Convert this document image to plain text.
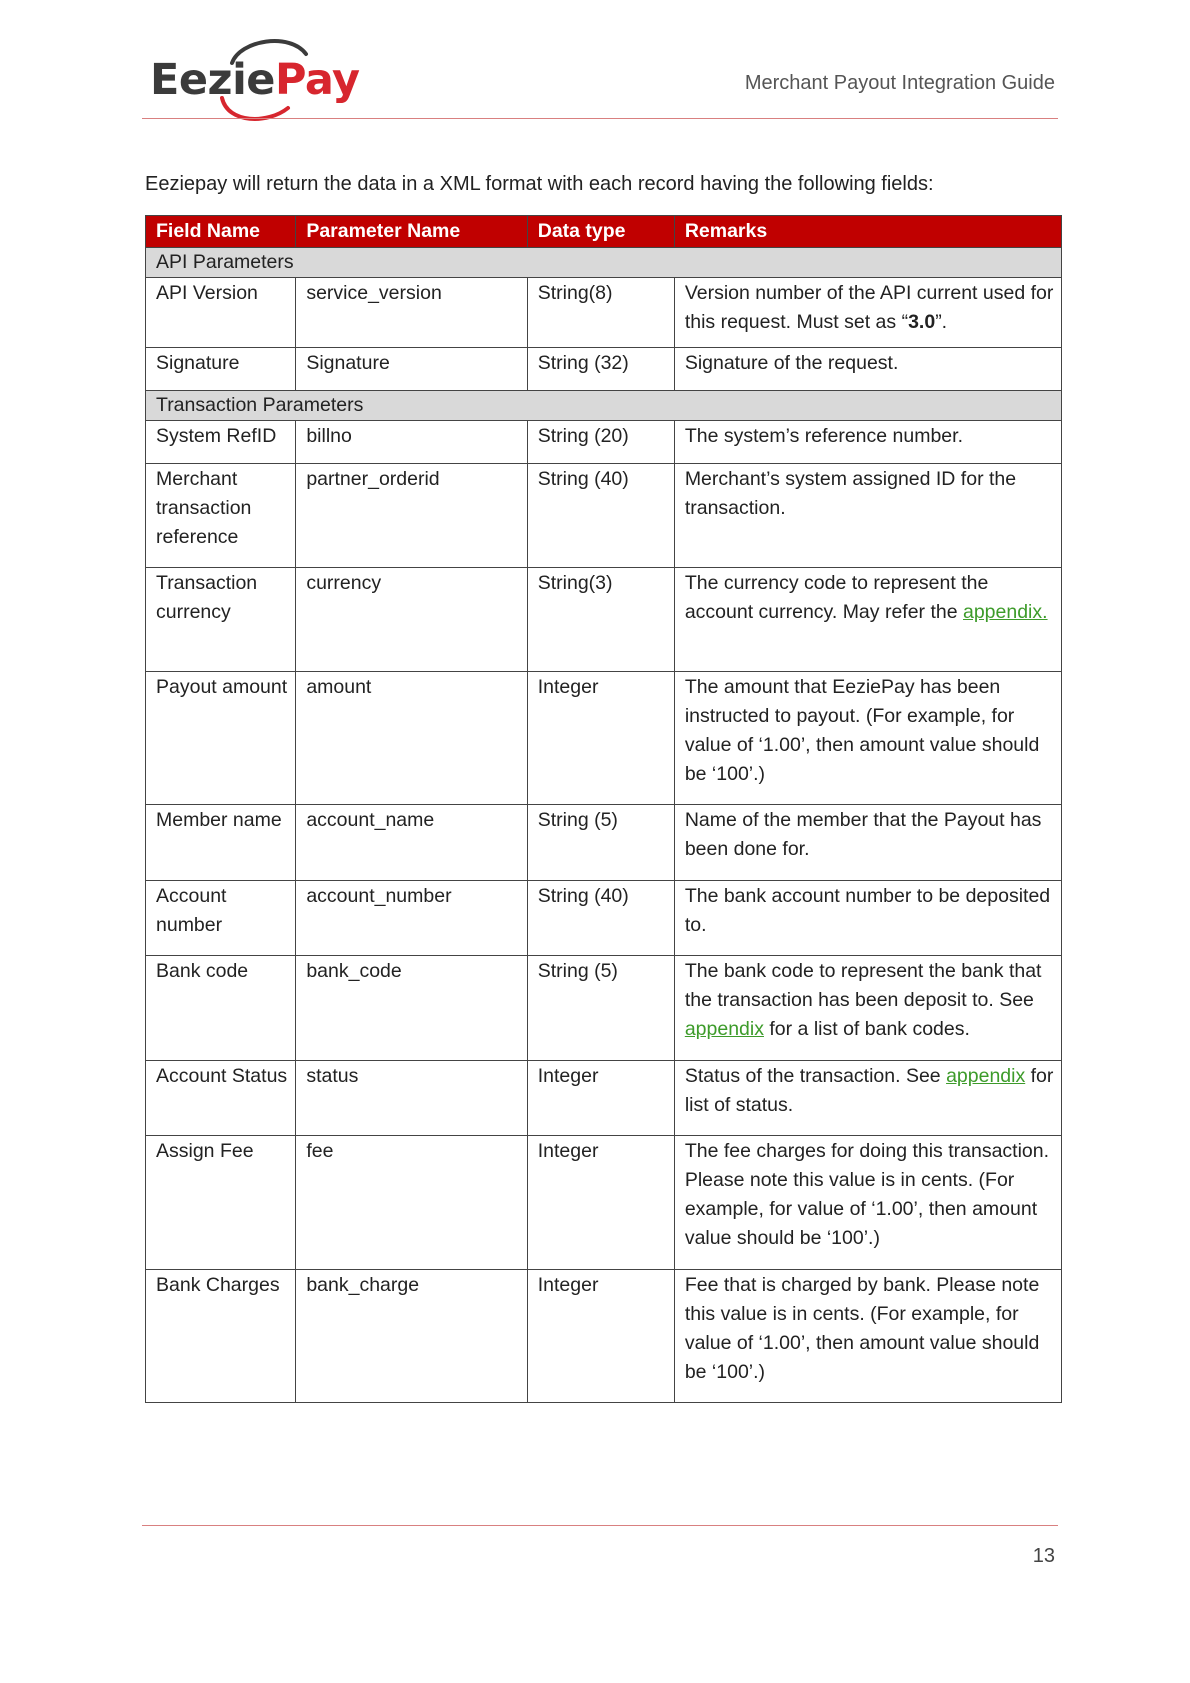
EeziePay	Merchant Payout Integration Guide

Eeziepay will return the data in a XML format with each record having the following fields:

Field Name	Parameter Name	Data type	Remarks
API Parameters			
API Version	service_version	String(8)	Version number of the API current used for this request. Must set as “3.0”.
Signature	Signature	String (32)	Signature of the request.
Transaction Parameters			
System RefID	billno	String (20)	The system’s reference number.
Merchant transaction reference	partner_orderid	String (40)	Merchant’s system assigned ID for the transaction.
Transaction currency	currency	String(3)	The currency code to represent the account currency. May refer the appendix.
Payout amount	amount	Integer	The amount that EeziePay has been instructed to payout. (For example, for value of ‘1.00’, then amount value should be ‘100’.)
Member name	account_name	String (5)	Name of the member that the Payout has been done for.
Account number	account_number	String (40)	The bank account number to be deposited to.
Bank code	bank_code	String (5)	The bank code to represent the bank that the transaction has been deposit to. See appendix for a list of bank codes.
Account Status	status	Integer	Status of the transaction. See appendix for list of status.
Assign Fee	fee	Integer	The fee charges for doing this transaction. Please note this value is in cents. (For example, for value of ‘1.00’, then amount value should be ‘100’.)
Bank Charges	bank_charge	Integer	Fee that is charged by bank. Please note this value is in cents. (For example, for value of ‘1.00’, then amount value should be ‘100’.)
13
